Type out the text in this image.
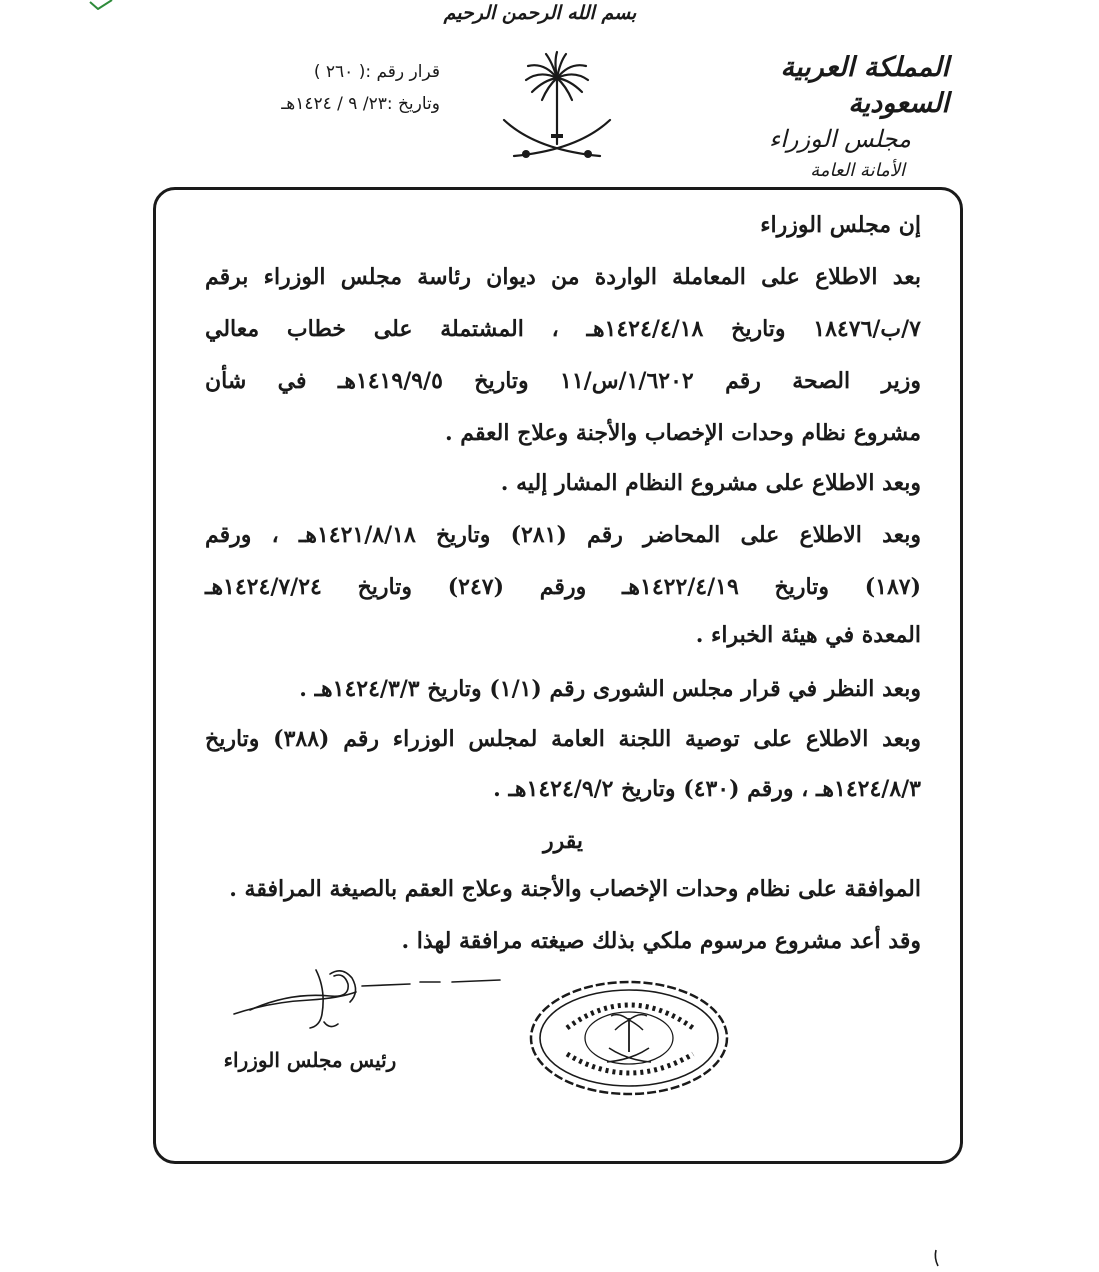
بسم الله الرحمن الرحيم
المملكة العربية السعودية
مجلس الوزراء
الأمانة العامة
قرار رقم :( ٢٦٠ )
وتاريخ :٢٣/ ٩ / ١٤٢٤هـ
إن مجلس الوزراء
بعد الاطلاع على المعاملة الواردة من ديوان رئاسة مجلس الوزراء برقم
٧/ب/١٨٤٧٦ وتاريخ ١٤٢٤/٤/١٨هـ ، المشتملة على خطاب معالي
وزير الصحة رقم ١/٦٢٠٢/س/١١ وتاريخ ١٤١٩/٩/٥هـ في شأن
مشروع نظام وحدات الإخصاب والأجنة وعلاج العقم .
وبعد الاطلاع على مشروع النظام المشار إليه .
وبعد الاطلاع على المحاضر رقم (٢٨١) وتاريخ ١٤٢١/٨/١٨هـ ، ورقم
(١٨٧) وتاريخ ١٤٢٢/٤/١٩هـ ورقم (٢٤٧) وتاريخ ١٤٢٤/٧/٢٤هـ
المعدة في هيئة الخبراء .
وبعد النظر في قرار مجلس الشورى رقم (١/١) وتاريخ ١٤٢٤/٣/٣هـ .
وبعد الاطلاع على توصية اللجنة العامة لمجلس الوزراء رقم (٣٨٨) وتاريخ
١٤٢٤/٨/٣هـ ، ورقم (٤٣٠) وتاريخ ١٤٢٤/٩/٢هـ .
يقرر
الموافقة على نظام وحدات الإخصاب والأجنة وعلاج العقم بالصيغة المرافقة .
وقد أعد مشروع مرسوم ملكي بذلك صيغته مرافقة لهذا .
رئيس مجلس الوزراء
